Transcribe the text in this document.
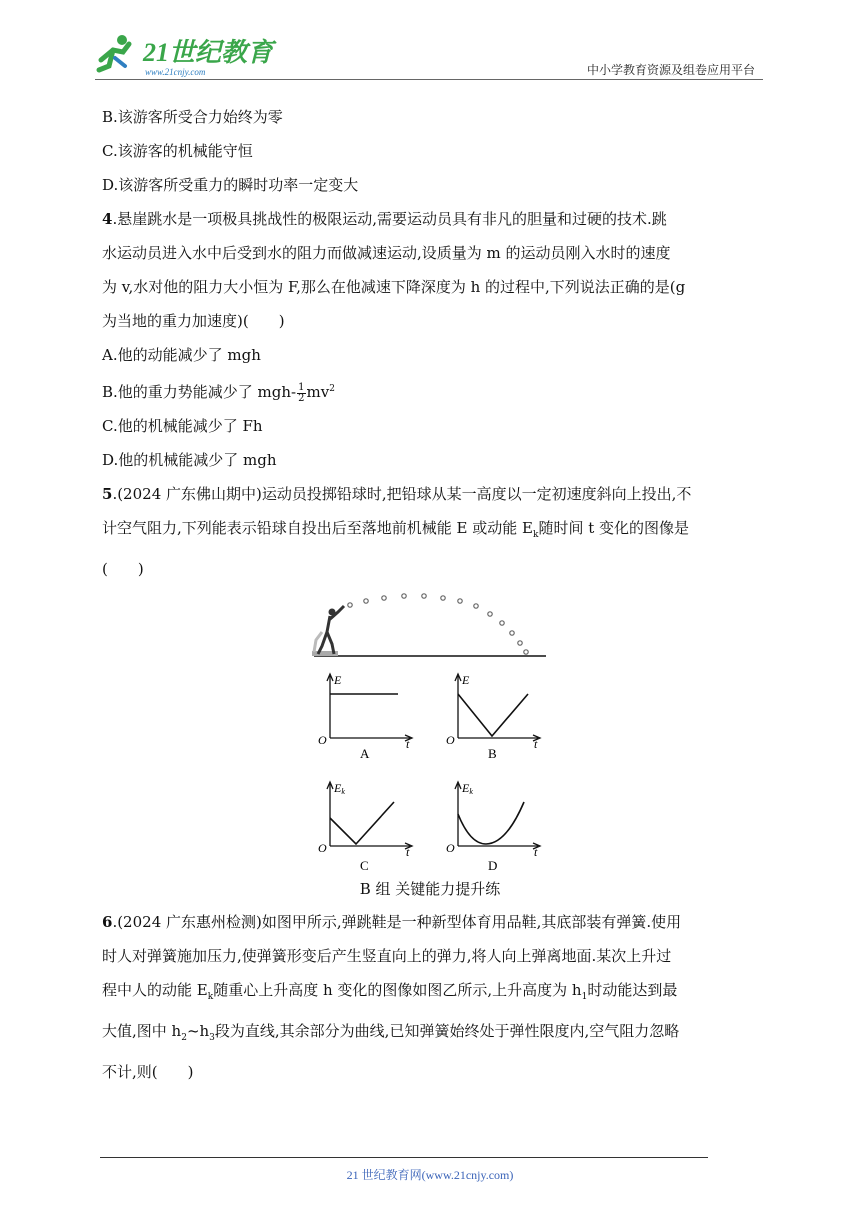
21世纪教育
www.21cnjy.com	中小学教育资源及组卷应用平台
B.该游客所受合力始终为零
C.该游客的机械能守恒
D.该游客所受重力的瞬时功率一定变大
4.悬崖跳水是一项极具挑战性的极限运动,需要运动员具有非凡的胆量和过硬的技术.跳
水运动员进入水中后受到水的阻力而做减速运动,设质量为 m 的运动员刚入水时的速度
为 v,水对他的阻力大小恒为 F,那么在他减速下降深度为 h 的过程中,下列说法正确的是(g
为当地的重力加速度)(　　)
A.他的动能减少了 mgh
B.他的重力势能减少了 $mgh- \frac{1}{2} mv^2$
C.他的机械能减少了 Fh
D.他的机械能减少了 mgh
5.(2024 广东佛山期中)运动员投掷铅球时,把铅球从某一高度以一定初速度斜向上投出,不
计空气阻力,下列能表示铅球自投出后至落地前机械能 E 或动能 $E_k$随时间 t 变化的图像是
(　　)
E
O	t
A
E
O	t
B
Ek
O	t
C
Ek
O	t
D
B 组 关键能力提升练
6.(2024 广东惠州检测)如图甲所示,弹跳鞋是一种新型体育用品鞋,其底部装有弹簧.使用
时人对弹簧施加压力,使弹簧形变后产生竖直向上的弹力,将人向上弹离地面.某次上升过
程中人的动能 $E_k$随重心上升高度 h 变化的图像如图乙所示,上升高度为 $h_1$时动能达到最
大值,图中 $h_2\sim h_3$段为直线,其余部分为曲线,已知弹簧始终处于弹性限度内,空气阻力忽略
不计,则(　　)
21 世纪教育网(www.21cnjy.com)
